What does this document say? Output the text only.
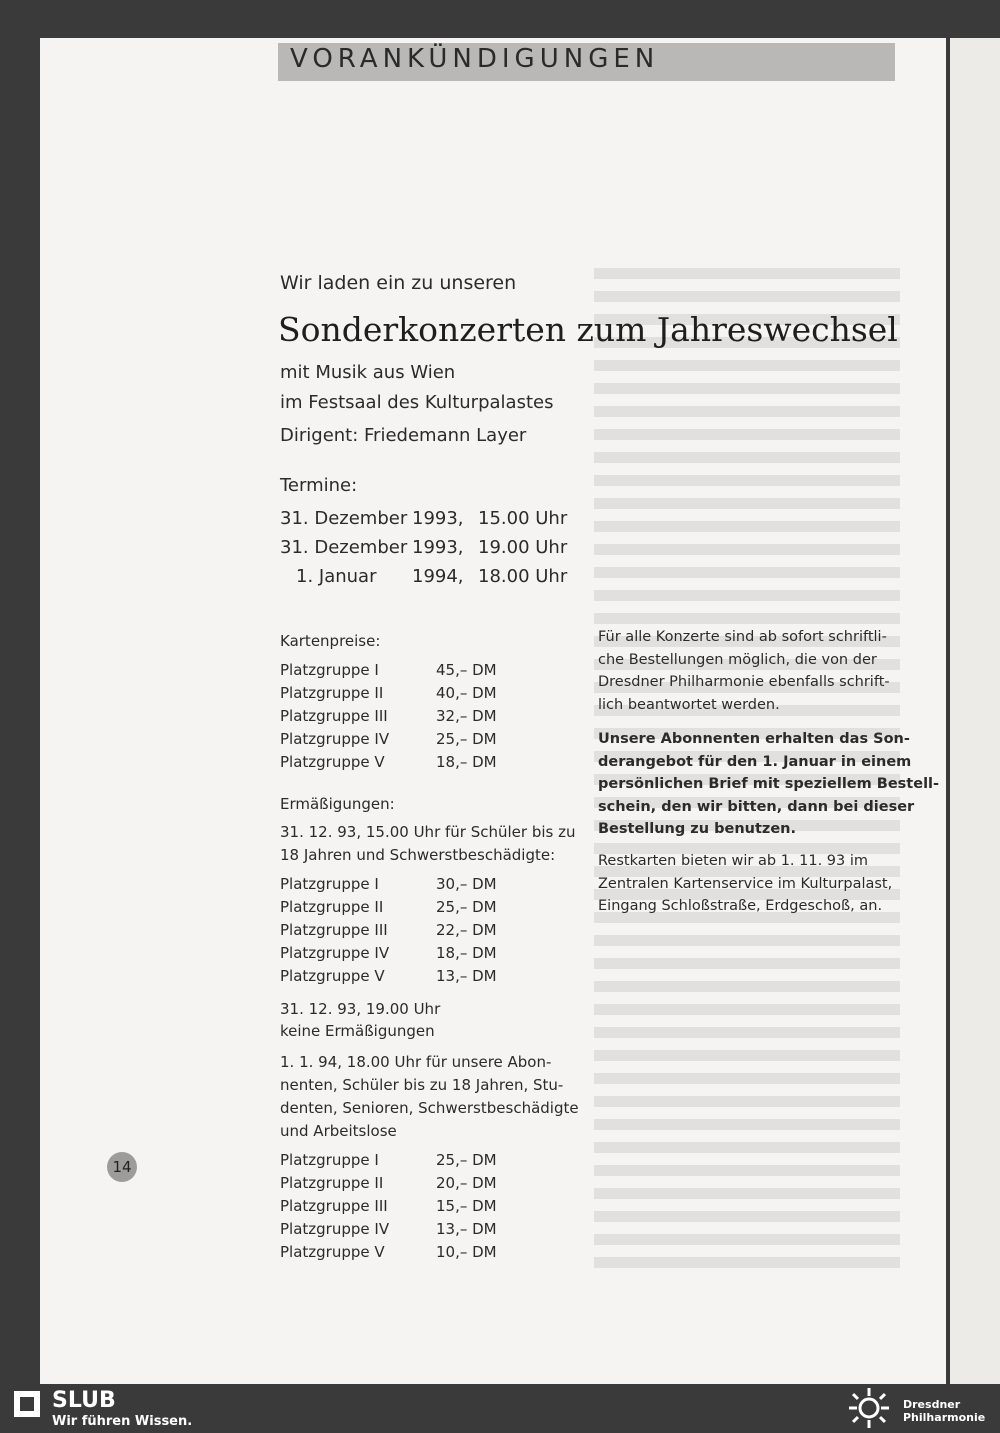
VORANKÜNDIGUNGEN
Wir laden ein zu unseren
Sonderkonzerten zum Jahreswechsel
mit Musik aus Wien
im Festsaal des Kulturpalastes
Dirigent: Friedemann Layer
Termine:
31. Dezember 1993, 15.00 Uhr
31. Dezember 1993, 19.00 Uhr
1. Januar 1994, 18.00 Uhr
Kartenpreise:
Platzgruppe I	45,– DM
Platzgruppe II	40,– DM
Platzgruppe III	32,– DM
Platzgruppe IV	25,– DM
Platzgruppe V	18,– DM
Ermäßigungen:
31. 12. 93, 15.00 Uhr für Schüler bis zu
18 Jahren und Schwerstbeschädigte:
Platzgruppe I	30,– DM
Platzgruppe II	25,– DM
Platzgruppe III	22,– DM
Platzgruppe IV	18,– DM
Platzgruppe V	13,– DM
31. 12. 93, 19.00 Uhr
keine Ermäßigungen
1. 1. 94, 18.00 Uhr für unsere Abon-
nenten, Schüler bis zu 18 Jahren, Stu-
denten, Senioren, Schwerstbeschädigte
und Arbeitslose
Platzgruppe I	25,– DM
Platzgruppe II	20,– DM
Platzgruppe III	15,– DM
Platzgruppe IV	13,– DM
Platzgruppe V	10,– DM
Für alle Konzerte sind ab sofort schriftli-
che Bestellungen möglich, die von der
Dresdner Philharmonie ebenfalls schrift-
lich beantwortet werden.
Unsere Abonnenten erhalten das Son-
derangebot für den 1. Januar in einem
persönlichen Brief mit speziellem Bestell-
schein, den wir bitten, dann bei dieser
Bestellung zu benutzen.
Restkarten bieten wir ab 1. 11. 93 im
Zentralen Kartenservice im Kulturpalast,
Eingang Schloßstraße, Erdgeschoß, an.
14
SLUB
Wir führen Wissen.
Dresdner
Philharmonie
